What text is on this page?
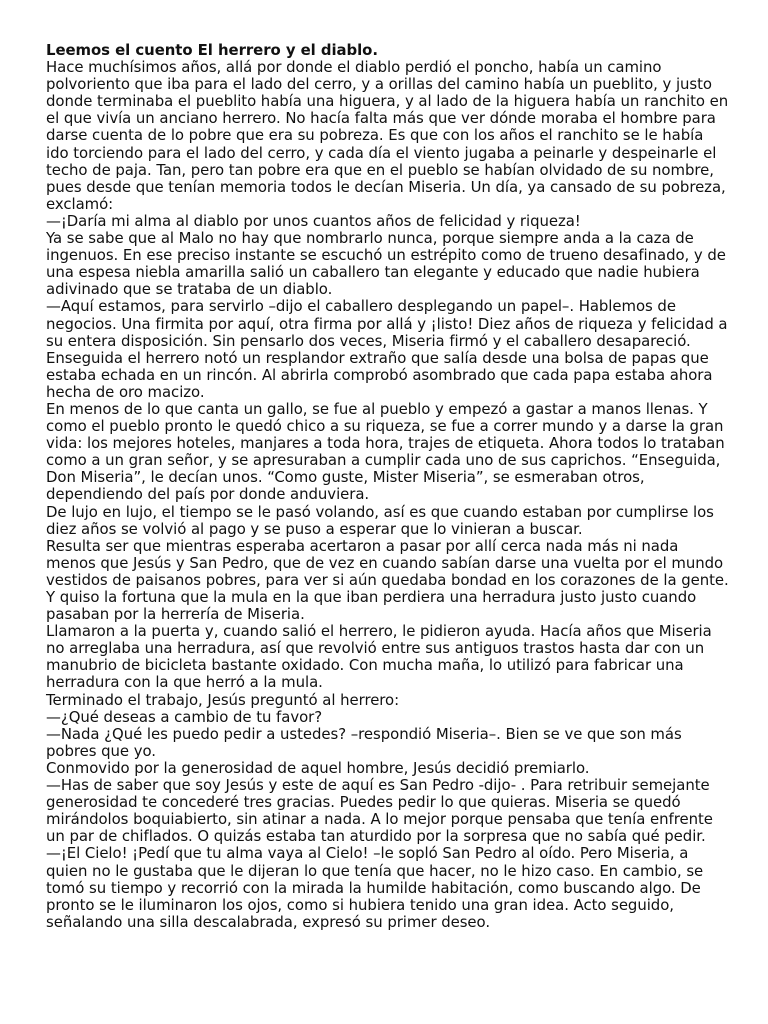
Leemos el cuento El herrero y el diablo.

Hace muchísimos años, allá por donde el diablo perdió el poncho, había un camino polvoriento que iba para el lado del cerro, y a orillas del camino había un pueblito, y justo donde terminaba el pueblito había una higuera, y al lado de la higuera había un ranchito en el que vivía un anciano herrero. No hacía falta más que ver dónde moraba el hombre para darse cuenta de lo pobre que era su pobreza. Es que con los años el ranchito se le había ido torciendo para el lado del cerro, y cada día el viento jugaba a peinarle y despeinarle el techo de paja. Tan, pero tan pobre era que en el pueblo se habían olvidado de su nombre, pues desde que tenían memoria todos le decían Miseria. Un día, ya cansado de su pobreza, exclamó:

—¡Daría mi alma al diablo por unos cuantos años de felicidad y riqueza!

Ya se sabe que al Malo no hay que nombrarlo nunca, porque siempre anda a la caza de ingenuos. En ese preciso instante se escuchó un estrépito como de trueno desafinado, y de una espesa niebla amarilla salió un caballero tan elegante y educado que nadie hubiera adivinado que se trataba de un diablo.

—Aquí estamos, para servirlo –dijo el caballero desplegando un papel–. Hablemos de negocios. Una firmita por aquí, otra firma por allá y ¡listo! Diez años de riqueza y felicidad a su entera disposición. Sin pensarlo dos veces, Miseria firmó y el caballero desapareció. Enseguida el herrero notó un resplandor extraño que salía desde una bolsa de papas que estaba echada en un rincón. Al abrirla comprobó asombrado que cada papa estaba ahora hecha de oro macizo.

En menos de lo que canta un gallo, se fue al pueblo y empezó a gastar a manos llenas. Y como el pueblo pronto le quedó chico a su riqueza, se fue a correr mundo y a darse la gran vida: los mejores hoteles, manjares a toda hora, trajes de etiqueta. Ahora todos lo trataban como a un gran señor, y se apresuraban a cumplir cada uno de sus caprichos. “Enseguida, Don Miseria”, le decían unos. “Como guste, Mister Miseria”, se esmeraban otros, dependiendo del país por donde anduviera.

De lujo en lujo, el tiempo se le pasó volando, así es que cuando estaban por cumplirse los diez años se volvió al pago y se puso a esperar que lo vinieran a buscar.

Resulta ser que mientras esperaba acertaron a pasar por allí cerca nada más ni nada menos que Jesús y San Pedro, que de vez en cuando sabían darse una vuelta por el mundo vestidos de paisanos pobres, para ver si aún quedaba bondad en los corazones de la gente. Y quiso la fortuna que la mula en la que iban perdiera una herradura justo justo cuando pasaban por la herrería de Miseria.

Llamaron a la puerta y, cuando salió el herrero, le pidieron ayuda. Hacía años que Miseria no arreglaba una herradura, así que revolvió entre sus antiguos trastos hasta dar con un manubrio de bicicleta bastante oxidado. Con mucha maña, lo utilizó para fabricar una herradura con la que herró a la mula.

Terminado el trabajo, Jesús preguntó al herrero:

—¿Qué deseas a cambio de tu favor?

—Nada ¿Qué les puedo pedir a ustedes? –respondió Miseria–. Bien se ve que son más pobres que yo.

Conmovido por la generosidad de aquel hombre, Jesús decidió premiarlo.

—Has de saber que soy Jesús y este de aquí es San Pedro -dijo- . Para retribuir semejante generosidad te concederé tres gracias. Puedes pedir lo que quieras. Miseria se quedó mirándolos boquiabierto, sin atinar a nada. A lo mejor porque pensaba que tenía enfrente un par de chiflados. O quizás estaba tan aturdido por la sorpresa que no sabía qué pedir.

—¡El Cielo! ¡Pedí que tu alma vaya al Cielo! –le sopló San Pedro al oído. Pero Miseria, a quien no le gustaba que le dijeran lo que tenía que hacer, no le hizo caso. En cambio, se tomó su tiempo y recorrió con la mirada la humilde habitación, como buscando algo. De pronto se le iluminaron los ojos, como si hubiera tenido una gran idea. Acto seguido, señalando una silla descalabrada, expresó su primer deseo.
